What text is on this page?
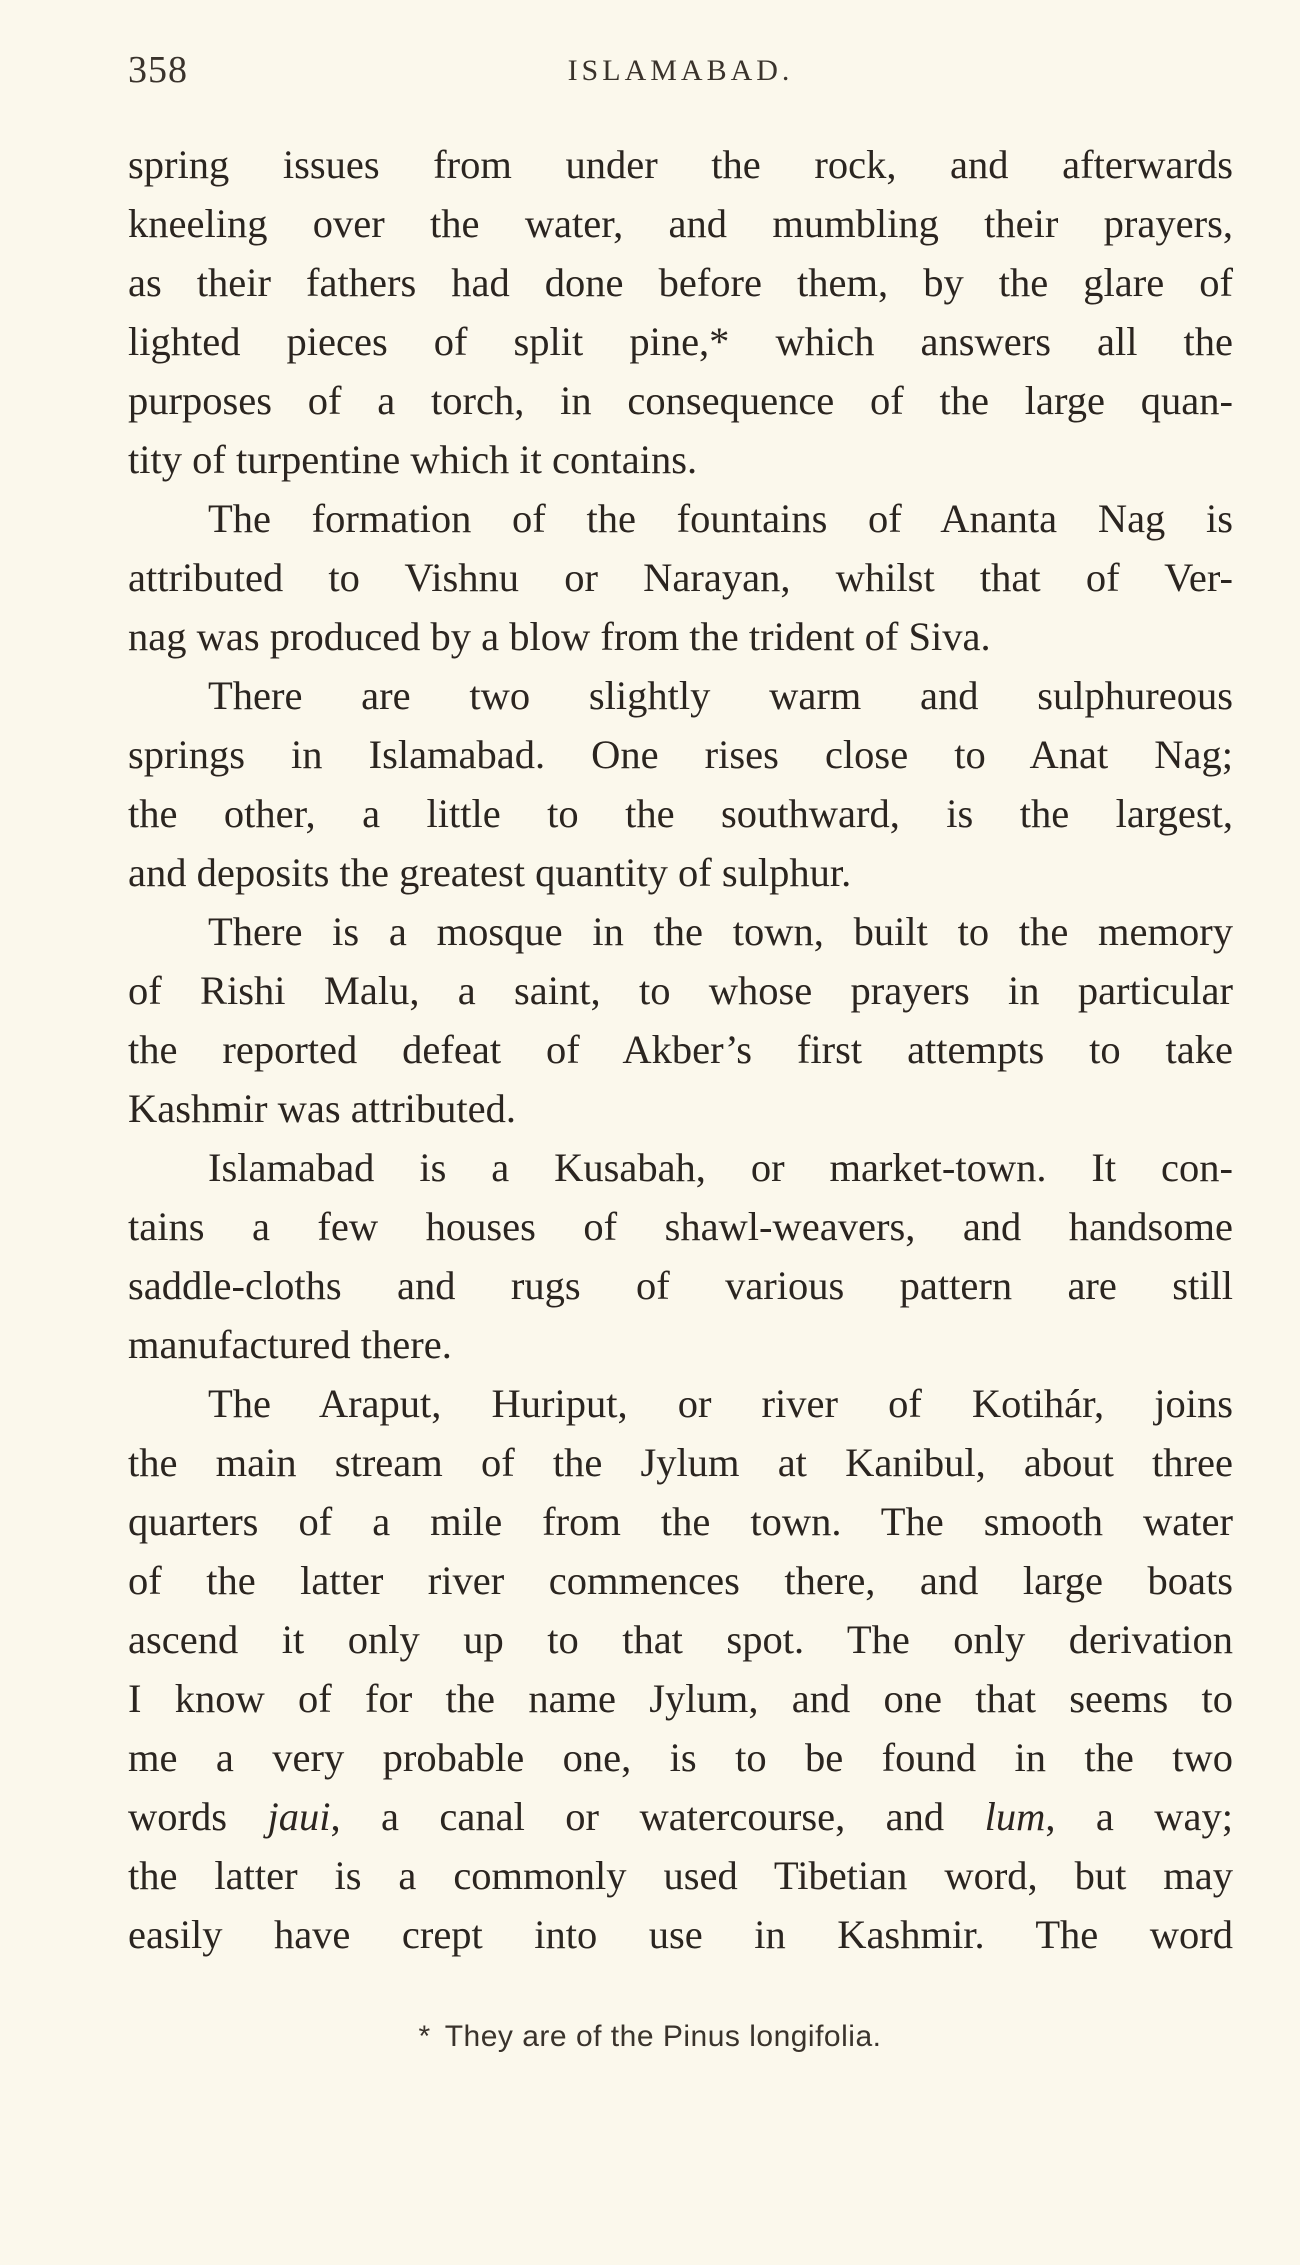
358	ISLAMABAD.
spring issues from under the rock, and afterwards
kneeling over the water, and mumbling their prayers,
as their fathers had done before them, by the glare of
lighted pieces of split pine,* which answers all the
purposes of a torch, in consequence of the large quan-
tity of turpentine which it contains.
The formation of the fountains of Ananta Nag is
attributed to Vishnu or Narayan, whilst that of Ver-
nag was produced by a blow from the trident of Siva.
There are two slightly warm and sulphureous
springs in Islamabad. One rises close to Anat Nag;
the other, a little to the southward, is the largest,
and deposits the greatest quantity of sulphur.
There is a mosque in the town, built to the memory
of Rishi Malu, a saint, to whose prayers in particular
the reported defeat of Akber’s first attempts to take
Kashmir was attributed.
Islamabad is a Kusabah, or market-town. It con-
tains a few houses of shawl-weavers, and handsome
saddle-cloths and rugs of various pattern are still
manufactured there.
The Araput, Huriput, or river of Kotihár, joins
the main stream of the Jylum at Kanibul, about three
quarters of a mile from the town. The smooth water
of the latter river commences there, and large boats
ascend it only up to that spot. The only derivation
I know of for the name Jylum, and one that seems to
me a very probable one, is to be found in the two
words jaui, a canal or watercourse, and lum, a way;
the latter is a commonly used Tibetian word, but may
easily have crept into use in Kashmir. The word
* They are of the Pinus longifolia.
